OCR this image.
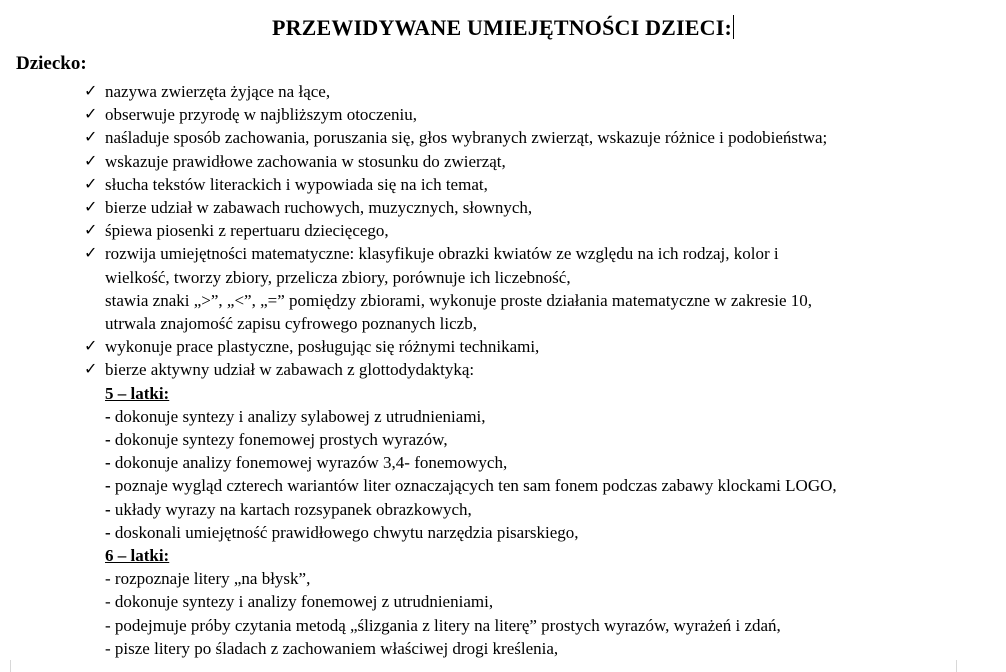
PRZEWIDYWANE UMIEJĘTNOŚCI DZIECI:
Dziecko:
✓ nazywa zwierzęta żyjące na łące,
✓ obserwuje przyrodę w najbliższym otoczeniu,
✓ naśladuje sposób zachowania, poruszania się, głos wybranych zwierząt, wskazuje różnice i podobieństwa;
✓ wskazuje prawidłowe zachowania w stosunku do zwierząt,
✓ słucha tekstów literackich i wypowiada się na ich temat,
✓ bierze udział w zabawach ruchowych, muzycznych, słownych,
✓ śpiewa piosenki z repertuaru dziecięcego,
✓ rozwija umiejętności matematyczne: klasyfikuje obrazki kwiatów ze względu na ich rodzaj, kolor i
wielkość, tworzy zbiory, przelicza zbiory, porównuje ich liczebność,
stawia znaki „>”, „<”, „=” pomiędzy zbiorami, wykonuje proste działania matematyczne w zakresie 10,
utrwala znajomość zapisu cyfrowego poznanych liczb,
✓ wykonuje prace plastyczne, posługując się różnymi technikami,
✓ bierze aktywny udział w zabawach z glottodydaktyką:
5 – latki:
- dokonuje syntezy i analizy sylabowej z utrudnieniami,
- dokonuje syntezy fonemowej prostych wyrazów,
- dokonuje analizy fonemowej wyrazów 3,4- fonemowych,
- poznaje wygląd czterech wariantów liter oznaczających ten sam fonem podczas zabawy klockami LOGO,
- układy wyrazy na kartach rozsypanek obrazkowych,
- doskonali umiejętność prawidłowego chwytu narzędzia pisarskiego,
6 – latki:
- rozpoznaje litery „na błysk”,
- dokonuje syntezy i analizy fonemowej z utrudnieniami,
- podejmuje próby czytania metodą „ślizgania z litery na literę” prostych wyrazów, wyrażeń i zdań,
- pisze litery po śladach z zachowaniem właściwej drogi kreślenia,
